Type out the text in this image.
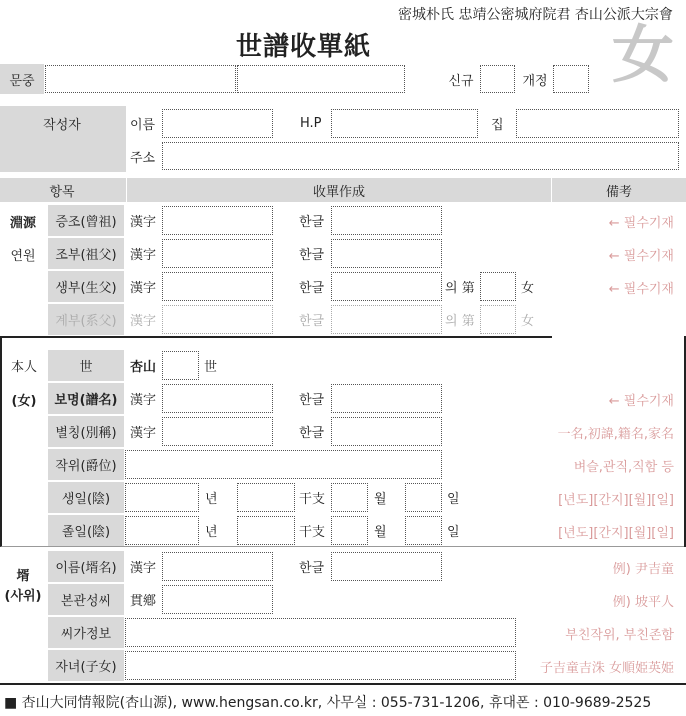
密城朴氏 忠靖公密城府院君 杏山公派大宗會
世譜收單紙	女
문중	신규	개정
작성자	이름	H.P	집
주소
항목	收單作成	備考
淵源
연원
증조(曾祖)	漢字	한글	← 필수기재
조부(祖父)	漢字	한글	← 필수기재
생부(生父)	漢字	한글	의 第	女	← 필수기재
계부(系父)	漢字	한글	의 第	女
本人
(女)
世	杏山	世
보명(譜名) 漢字	한글	← 필수기재
별칭(別稱)	漢字	한글	一名,初諱,籍名,家名
작위(爵位)	벼슬,관직,직함 등
생일(陰)	년	干支	월	일	[년도][간지][월][일]
졸일(陰)	년	干支	월	일	[년도][간지][월][일]
壻
(사위)
이름(壻名)	漢字	한글	例) 尹吉童
본관성씨	貫鄕	例) 坡平人
씨가정보	부친작위, 부친존함
자녀(子女)	子吉童吉洙 女順姫英姫
■ 杏山大同情報院(杏山源), www.hengsan.co.kr, 사무실 : 055-731-1206, 휴대폰 : 010-9689-2525
